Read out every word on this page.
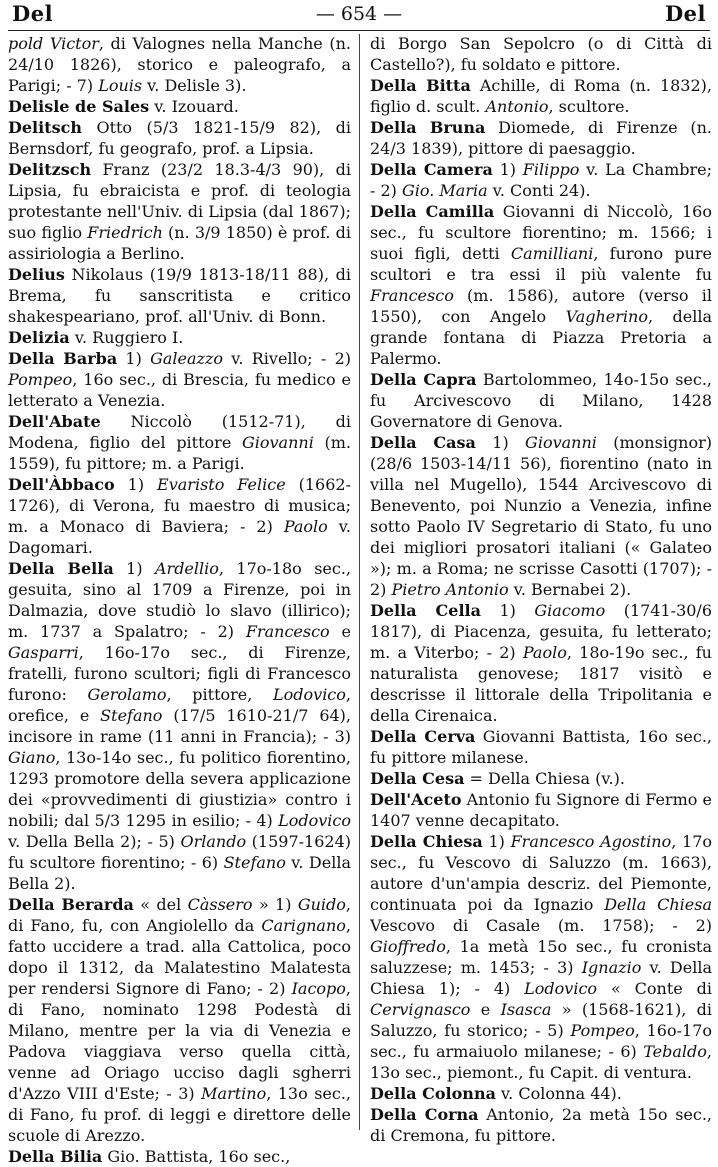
Del	— 654 —	Del

pold Victor, di Valognes nella Manche (n. 24/10 1826), storico e paleografo, a Parigi; - 7) Louis v. Delisle 3).

Delisle de Sales v. Izouard.

Delitsch Otto (5/3 1821-15/9 82), di Bernsdorf, fu geografo, prof. a Lipsia.

Delitzsch Franz (23/2 18.3-4/3 90), di Lipsia, fu ebraicista e prof. di teologia protestante nell'Univ. di Lipsia (dal 1867); suo figlio Friedrich (n. 3/9 1850) è prof. di assiriologia a Berlino.

Delius Nikolaus (19/9 1813-18/11 88), di Brema, fu sanscritista e critico shakespeariano, prof. all'Univ. di Bonn.

Delizia v. Ruggiero I.

Della Barba 1) Galeazzo v. Rivello; - 2) Pompeo, 16o sec., di Brescia, fu medico e letterato a Venezia.

Dell'Abate Niccolò (1512-71), di Modena, figlio del pittore Giovanni (m. 1559), fu pittore; m. a Parigi.

Dell'Àbbaco 1) Evaristo Felice (1662-1726), di Verona, fu maestro di musica; m. a Monaco di Baviera; - 2) Paolo v. Dagomari.

Della Bella 1) Ardellio, 17o-18o sec., gesuita, sino al 1709 a Firenze, poi in Dalmazia, dove studiò lo slavo (illirico); m. 1737 a Spalatro; - 2) Francesco e Gasparri, 16o-17o sec., di Firenze, fratelli, furono scultori; figli di Francesco furono: Gerolamo, pittore, Lodovico, orefice, e Stefano (17/5 1610-21/7 64), incisore in rame (11 anni in Francia); - 3) Giano, 13o-14o sec., fu politico fiorentino, 1293 promotore della severa applicazione dei «provvedimenti di giustizia» contro i nobili; dal 5/3 1295 in esilio; - 4) Lodovico v. Della Bella 2); - 5) Orlando (1597-1624) fu scultore fiorentino; - 6) Stefano v. Della Bella 2).

Della Berarda « del Càssero » 1) Guido, di Fano, fu, con Angiolello da Carignano, fatto uccidere a trad. alla Cattolica, poco dopo il 1312, da Malatestino Malatesta per rendersi Signore di Fano; - 2) Iacopo, di Fano, nominato 1298 Podestà di Milano, mentre per la via di Venezia e Padova viaggiava verso quella città, venne ad Oriago ucciso dagli sgherri d'Azzo VIII d'Este; - 3) Martino, 13o sec., di Fano, fu prof. di leggi e direttore delle scuole di Arezzo.

Della Bilia Gio. Battista, 16o sec.,

di Borgo San Sepolcro (o di Città di Castello?), fu soldato e pittore.

Della Bitta Achille, di Roma (n. 1832), figlio d. scult. Antonio, scultore.

Della Bruna Diomede, di Firenze (n. 24/3 1839), pittore di paesaggio.

Della Camera 1) Filippo v. La Chambre; - 2) Gio. Maria v. Conti 24).

Della Camilla Giovanni di Niccolò, 16o sec., fu scultore fiorentino; m. 1566; i suoi figli, detti Camilliani, furono pure scultori e tra essi il più valente fu Francesco (m. 1586), autore (verso il 1550), con Angelo Vagherino, della grande fontana di Piazza Pretoria a Palermo.

Della Capra Bartolommeo, 14o-15o sec., fu Arcivescovo di Milano, 1428 Governatore di Genova.

Della Casa 1) Giovanni (monsignor) (28/6 1503-14/11 56), fiorentino (nato in villa nel Mugello), 1544 Arcivescovo di Benevento, poi Nunzio a Venezia, infine sotto Paolo IV Segretario di Stato, fu uno dei migliori prosatori italiani (« Galateo »); m. a Roma; ne scrisse Casotti (1707); - 2) Pietro Antonio v. Bernabei 2).

Della Cella 1) Giacomo (1741-30/6 1817), di Piacenza, gesuita, fu letterato; m. a Viterbo; - 2) Paolo, 18o-19o sec., fu naturalista genovese; 1817 visitò e descrisse il littorale della Tripolitania e della Cirenaica.

Della Cerva Giovanni Battista, 16o sec., fu pittore milanese.

Della Cesa = Della Chiesa (v.).

Dell'Aceto Antonio fu Signore di Fermo e 1407 venne decapitato.

Della Chiesa 1) Francesco Agostino, 17o sec., fu Vescovo di Saluzzo (m. 1663), autore d'un'ampia descriz. del Piemonte, continuata poi da Ignazio Della Chiesa Vescovo di Casale (m. 1758); - 2) Gioffredo, 1a metà 15o sec., fu cronista saluzzese; m. 1453; - 3) Ignazio v. Della Chiesa 1); - 4) Lodovico « Conte di Cervignasco e Isasca » (1568-1621), di Saluzzo, fu storico; - 5) Pompeo, 16o-17o sec., fu armaiuolo milanese; - 6) Tebaldo, 13o sec., piemont., fu Capit. di ventura.

Della Colonna v. Colonna 44).

Della Corna Antonio, 2a metà 15o sec., di Cremona, fu pittore.
